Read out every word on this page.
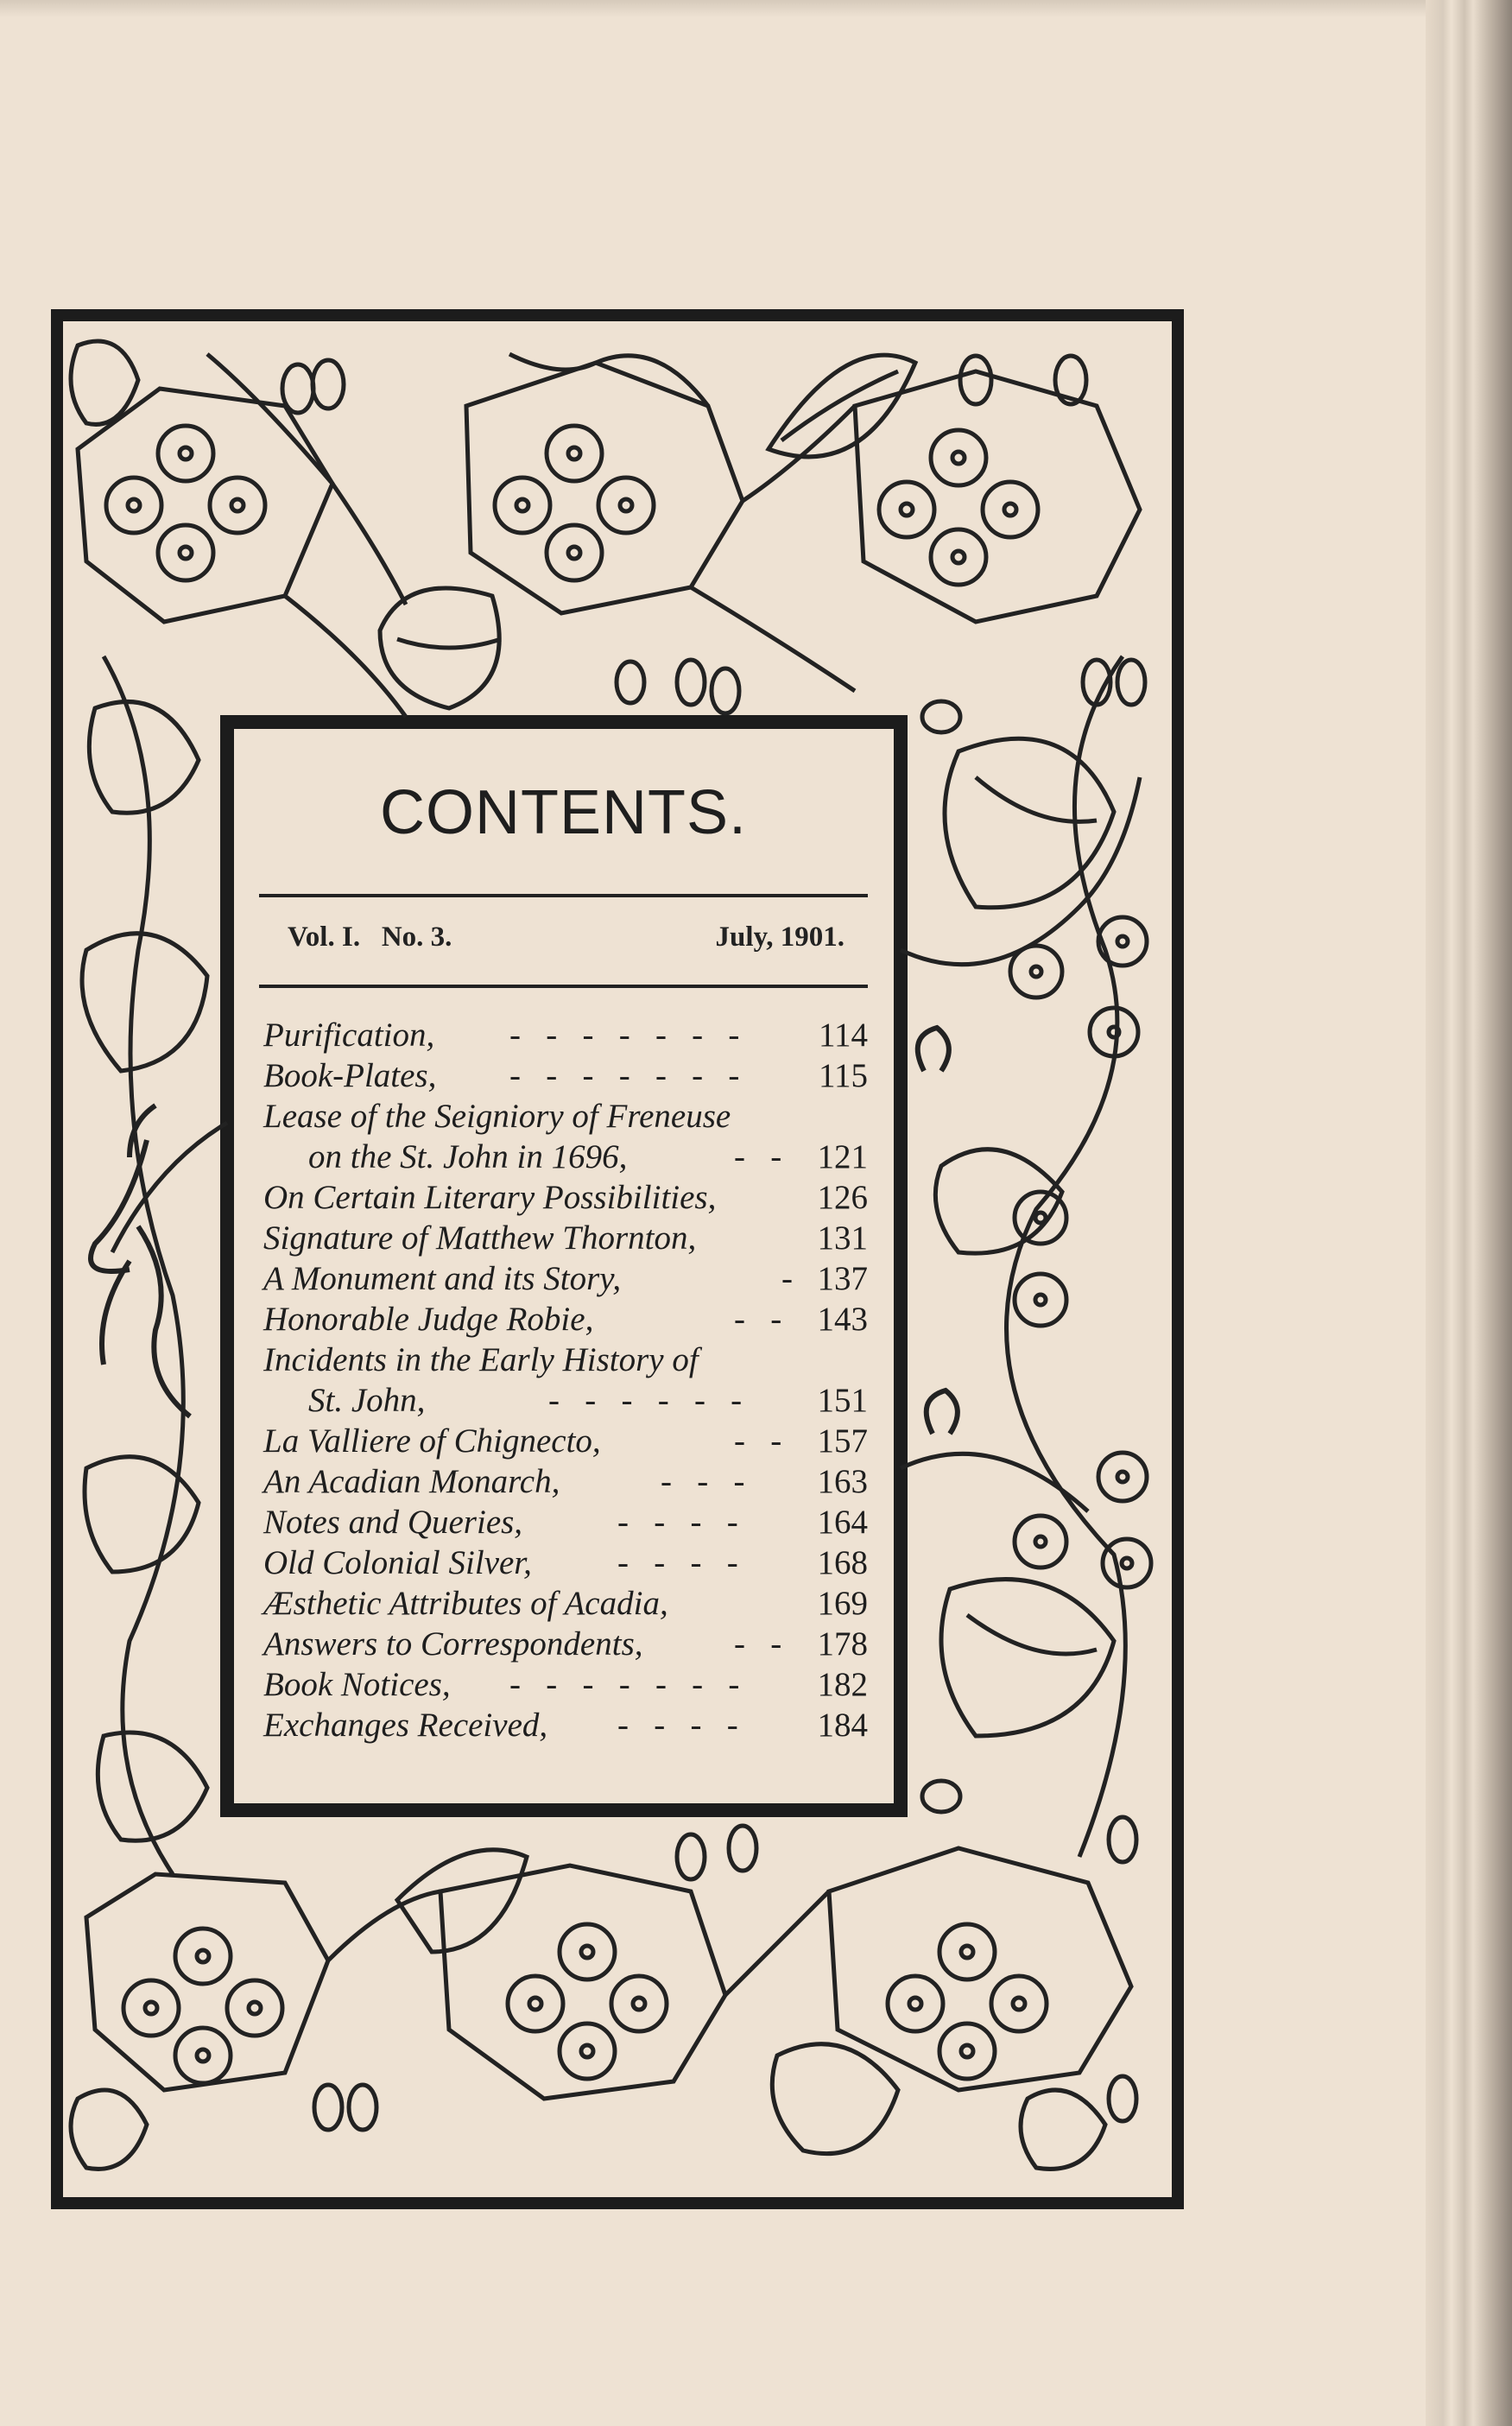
CONTENTS.
Vol. I.   No. 3.	July, 1901.
Purification, -   -   -   -   -   -   - 114
Book-Plates, -   -   -   -   -   -   - 115
Lease of the Seigniory of Freneuse
on the St. John in 1696,	-   - 121
On Certain Literary Possibilities,	126
Signature of Matthew Thornton,	131
A Monument and its Story,	- 137
Honorable Judge Robie,	-   - 143
Incidents in the Early History of
St. John,	-   -   -   -   -   - 151
La Valliere of Chignecto,	-   - 157
An Acadian Monarch,	-   -   - 163
Notes and Queries,	-   -   -   - 164
Old Colonial Silver,	-   -   -   - 168
Æsthetic Attributes of Acadia,	169
Answers to Correspondents,	-   - 178
Book Notices, -   -   -   -   -   -   - 182
Exchanges Received, -   -   -   - 184
